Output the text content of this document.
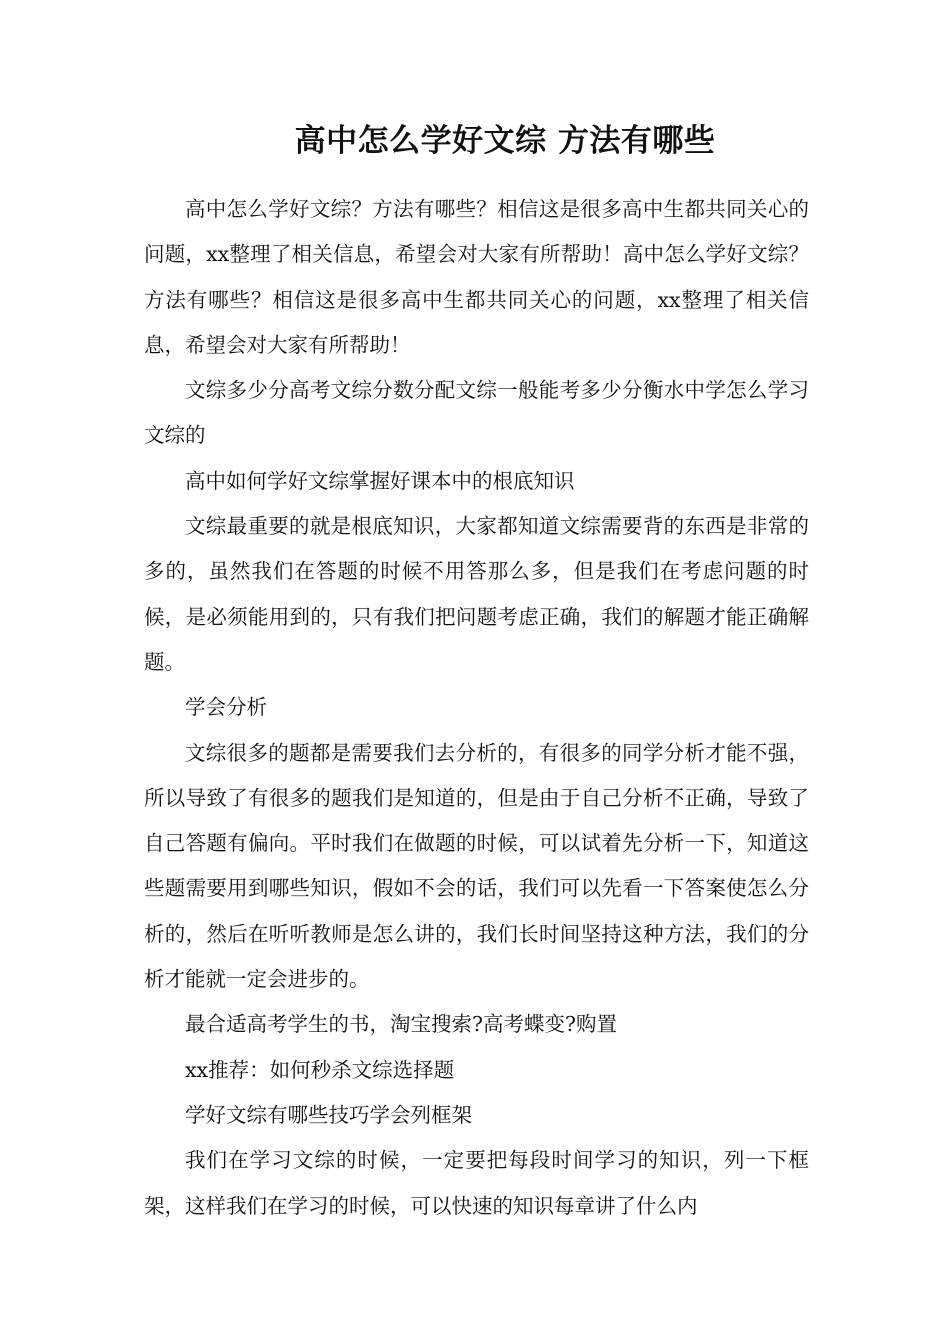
高中怎么学好文综 方法有哪些

高中怎么学好文综？方法有哪些？相信这是很多高中生都共同关心的问题，xx整理了相关信息，希望会对大家有所帮助！高中怎么学好文综？方法有哪些？相信这是很多高中生都共同关心的问题，xx整理了相关信息，希望会对大家有所帮助！

文综多少分高考文综分数分配文综一般能考多少分衡水中学怎么学习文综的

高中如何学好文综掌握好课本中的根底知识

文综最重要的就是根底知识，大家都知道文综需要背的东西是非常的多的，虽然我们在答题的时候不用答那么多，但是我们在考虑问题的时候，是必须能用到的，只有我们把问题考虑正确，我们的解题才能正确解题。

学会分析

文综很多的题都是需要我们去分析的，有很多的同学分析才能不强，所以导致了有很多的题我们是知道的，但是由于自己分析不正确，导致了自己答题有偏向。平时我们在做题的时候，可以试着先分析一下，知道这些题需要用到哪些知识，假如不会的话，我们可以先看一下答案使怎么分析的，然后在听听教师是怎么讲的，我们长时间坚持这种方法，我们的分析才能就一定会进步的。

最合适高考学生的书，淘宝搜索?高考蝶变?购置

xx推荐：如何秒杀文综选择题

学好文综有哪些技巧学会列框架

我们在学习文综的时候，一定要把每段时间学习的知识，列一下框架，这样我们在学习的时候，可以快速的知识每章讲了什么内
